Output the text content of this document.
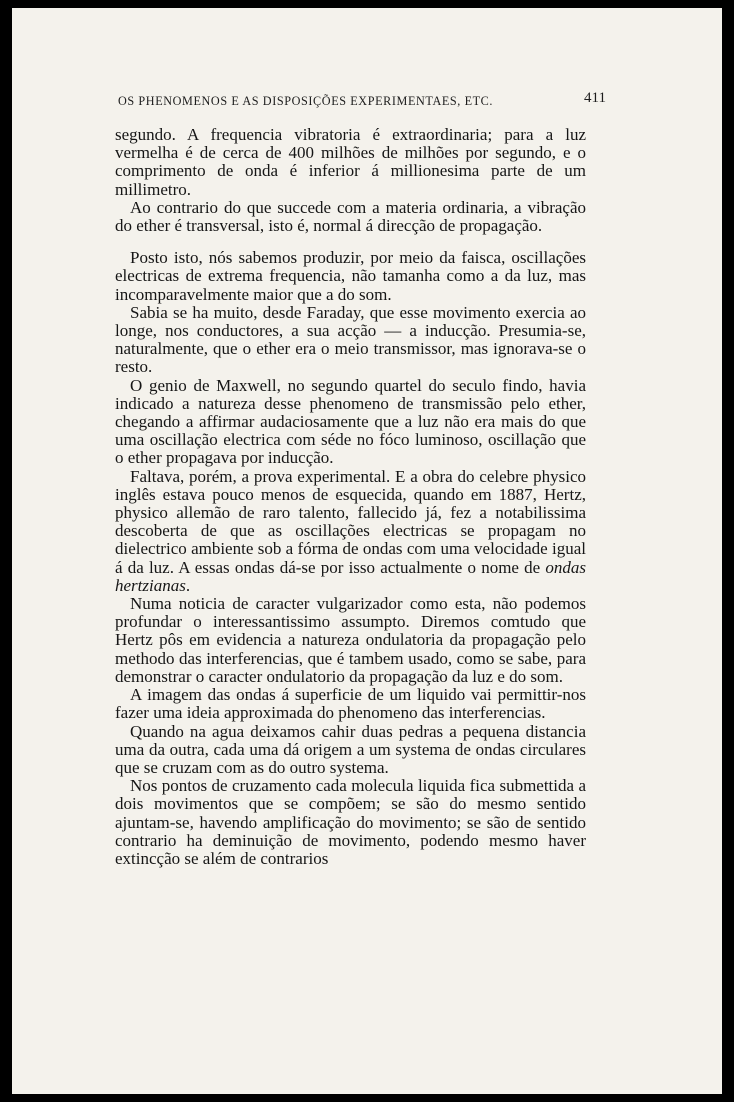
OS PHENOMENOS E AS DISPOSIÇÕES EXPERIMENTAES, ETC.	411

segundo. A frequencia vibratoria é extraordinaria; para a luz vermelha é de cerca de 400 milhões de milhões por segundo, e o comprimento de onda é inferior á millionesima parte de um millimetro.

Ao contrario do que succede com a materia ordinaria, a vibração do ether é transversal, isto é, normal á direcção de propagação.

Posto isto, nós sabemos produzir, por meio da faisca, oscillações electricas de extrema frequencia, não tamanha como a da luz, mas incomparavelmente maior que a do som.

Sabia se ha muito, desde Faraday, que esse movimento exercia ao longe, nos conductores, a sua acção — a inducção. Presumia-se, naturalmente, que o ether era o meio transmissor, mas ignorava-se o resto.

O genio de Maxwell, no segundo quartel do seculo findo, havia indicado a natureza desse phenomeno de transmissão pelo ether, chegando a affirmar audaciosamente que a luz não era mais do que uma oscillação electrica com séde no fóco luminoso, oscillação que o ether propagava por inducção.

Faltava, porém, a prova experimental. E a obra do celebre physico inglês estava pouco menos de esquecida, quando em 1887, Hertz, physico allemão de raro talento, fallecido já, fez a notabilissima descoberta de que as oscillações electricas se propagam no dielectrico ambiente sob a fórma de ondas com uma velocidade igual á da luz. A essas ondas dá-se por isso actualmente o nome de ondas hertzianas.

Numa noticia de caracter vulgarizador como esta, não podemos profundar o interessantissimo assumpto. Diremos comtudo que Hertz pôs em evidencia a natureza ondulatoria da propagação pelo methodo das interferencias, que é tambem usado, como se sabe, para demonstrar o caracter ondulatorio da propagação da luz e do som.

A imagem das ondas á superficie de um liquido vai permittir-nos fazer uma ideia approximada do phenomeno das interferencias.

Quando na agua deixamos cahir duas pedras a pequena distancia uma da outra, cada uma dá origem a um systema de ondas circulares que se cruzam com as do outro systema.

Nos pontos de cruzamento cada molecula liquida fica submettida a dois movimentos que se compõem; se são do mesmo sentido ajuntam-se, havendo amplificação do movimento; se são de sentido contrario ha deminuição de movimento, podendo mesmo haver extincção se além de contrarios
